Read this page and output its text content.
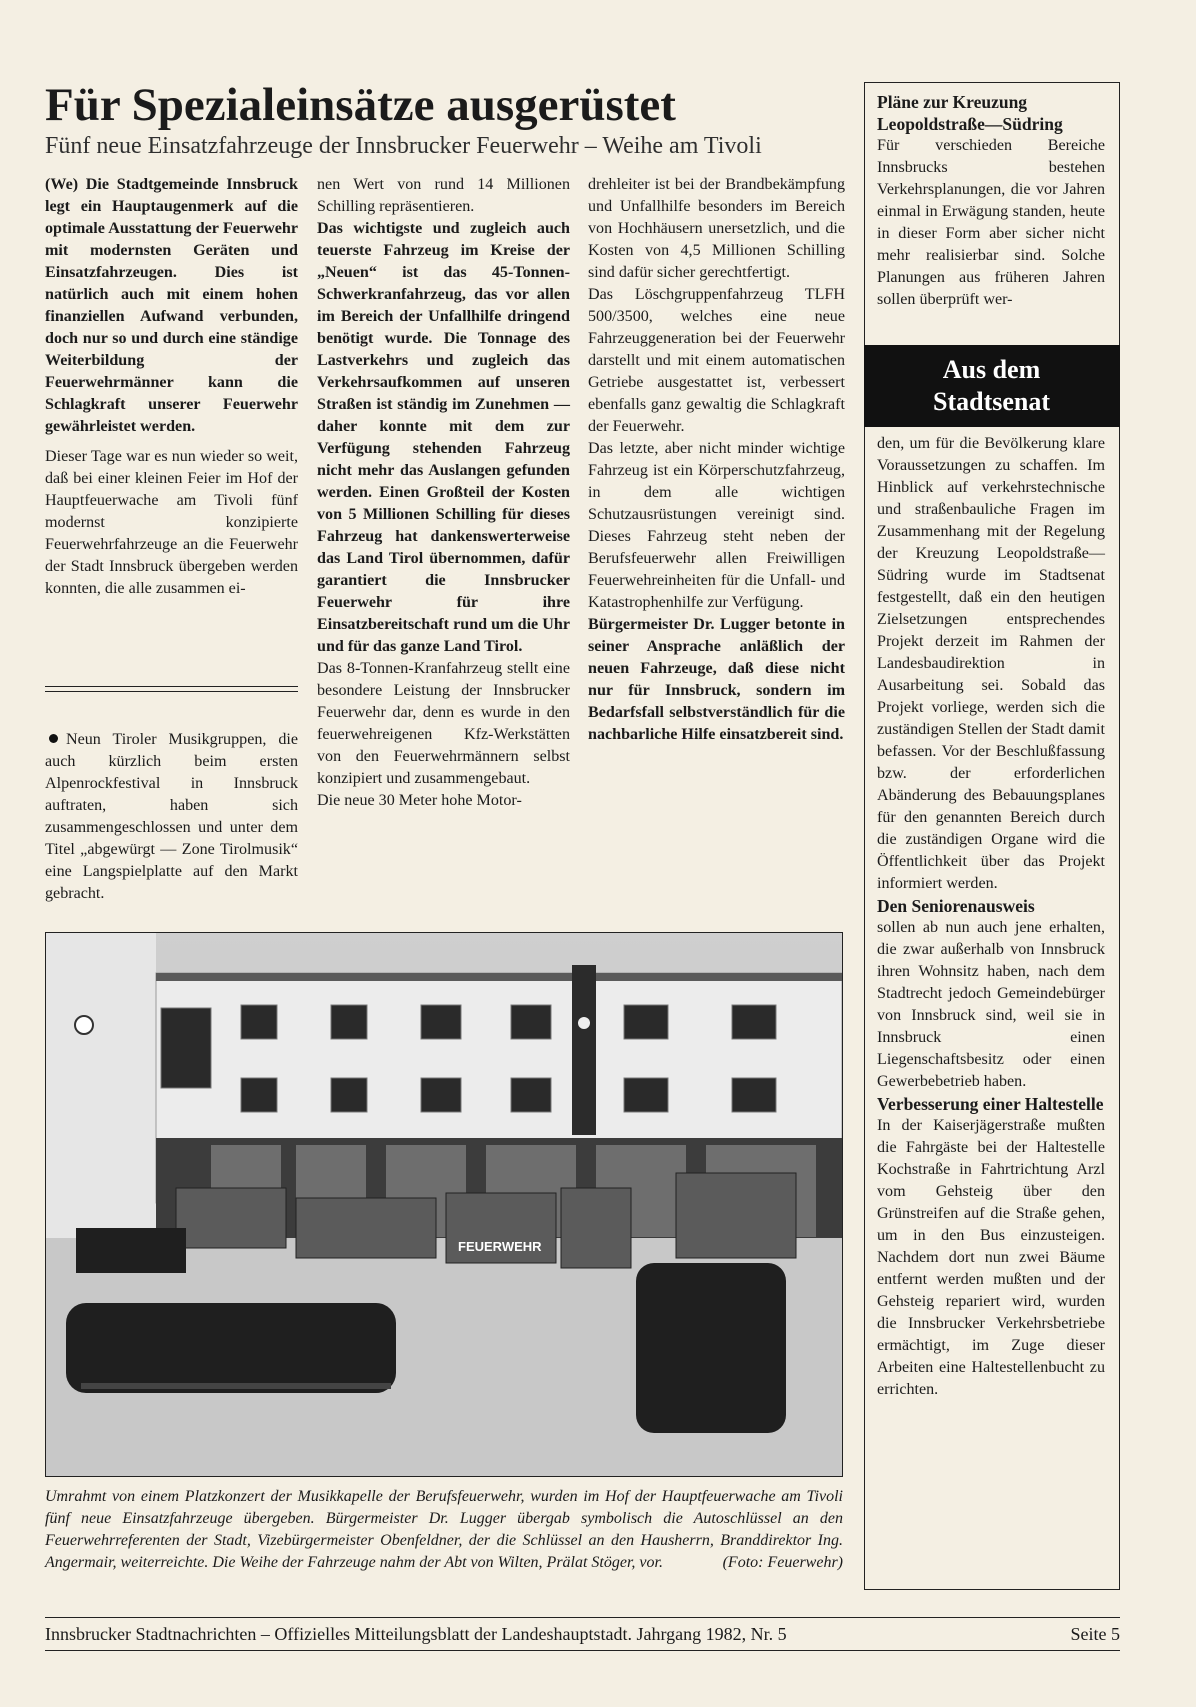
Für Spezialeinsätze ausgerüstet
Fünf neue Einsatzfahrzeuge der Innsbrucker Feuerwehr – Weihe am Tivoli

(We) Die Stadtgemeinde Innsbruck legt ein Hauptaugenmerk auf die optimale Ausstattung der Feuerwehr mit modernsten Geräten und Einsatzfahrzeugen. Dies ist natürlich auch mit einem hohen finanziellen Aufwand verbunden, doch nur so und durch eine ständige Weiterbildung der Feuerwehrmänner kann die Schlagkraft unserer Feuerwehr gewährleistet werden.

Dieser Tage war es nun wieder so weit, daß bei einer kleinen Feier im Hof der Hauptfeuerwache am Tivoli fünf modernst konzipierte Feuerwehrfahrzeuge an die Feuerwehr der Stadt Innsbruck übergeben werden konnten, die alle zusammen ei-

Neun Tiroler Musikgruppen, die auch kürzlich beim ersten Alpenrockfestival in Innsbruck auftraten, haben sich zusammengeschlossen und unter dem Titel „abgewürgt — Zone Tirolmusik“ eine Langspielplatte auf den Markt gebracht.

nen Wert von rund 14 Millionen Schilling repräsentieren.

Das wichtigste und zugleich auch teuerste Fahrzeug im Kreise der „Neuen“ ist das 45-Tonnen-Schwerkranfahrzeug, das vor allen im Bereich der Unfallhilfe dringend benötigt wurde. Die Tonnage des Lastverkehrs und zugleich das Verkehrsaufkommen auf unseren Straßen ist ständig im Zunehmen — daher konnte mit dem zur Verfügung stehenden Fahrzeug nicht mehr das Auslangen gefunden werden. Einen Großteil der Kosten von 5 Millionen Schilling für dieses Fahrzeug hat dankenswerterweise das Land Tirol übernommen, dafür garantiert die Innsbrucker Feuerwehr für ihre Einsatzbereitschaft rund um die Uhr und für das ganze Land Tirol.

Das 8-Tonnen-Kranfahrzeug stellt eine besondere Leistung der Innsbrucker Feuerwehr dar, denn es wurde in den feuerwehreigenen Kfz-Werkstätten von den Feuerwehrmännern selbst konzipiert und zusammengebaut.

Die neue 30 Meter hohe Motor-

drehleiter ist bei der Brandbekämpfung und Unfallhilfe besonders im Bereich von Hochhäusern unersetzlich, und die Kosten von 4,5 Millionen Schilling sind dafür sicher gerechtfertigt.

Das Löschgruppenfahrzeug TLFH 500/3500, welches eine neue Fahrzeuggeneration bei der Feuerwehr darstellt und mit einem automatischen Getriebe ausgestattet ist, verbessert ebenfalls ganz gewaltig die Schlagkraft der Feuerwehr.

Das letzte, aber nicht minder wichtige Fahrzeug ist ein Körperschutzfahrzeug, in dem alle wichtigen Schutzausrüstungen vereinigt sind. Dieses Fahrzeug steht neben der Berufsfeuerwehr allen Freiwilligen Feuerwehreinheiten für die Unfall- und Katastrophenhilfe zur Verfügung.

Bürgermeister Dr. Lugger betonte in seiner Ansprache anläßlich der neuen Fahrzeuge, daß diese nicht nur für Innsbruck, sondern im Bedarfsfall selbstverständlich für die nachbarliche Hilfe einsatzbereit sind.

FEUERWEHR

Umrahmt von einem Platzkonzert der Musikkapelle der Berufsfeuerwehr, wurden im Hof der Hauptfeuerwache am Tivoli fünf neue Einsatzfahrzeuge übergeben. Bürgermeister Dr. Lugger übergab symbolisch die Autoschlüssel an den Feuerwehrreferenten der Stadt, Vizebürgermeister Obenfeldner, der die Schlüssel an den Hausherrn, Branddirektor Ing. Angermair, weiterreichte. Die Weihe der Fahrzeuge nahm der Abt von Wilten, Prälat Stöger, vor.	(Foto: Feuerwehr)

Pläne zur Kreuzung Leopoldstraße—Südring

Für verschieden Bereiche Innsbrucks bestehen Verkehrsplanungen, die vor Jahren einmal in Erwägung standen, heute in dieser Form aber sicher nicht mehr realisierbar sind. Solche Planungen aus früheren Jahren sollen überprüft wer-

Aus dem
Stadtsenat

den, um für die Bevölkerung klare Voraussetzungen zu schaffen. Im Hinblick auf verkehrstechnische und straßenbauliche Fragen im Zusammenhang mit der Regelung der Kreuzung Leopoldstraße—Südring wurde im Stadtsenat festgestellt, daß ein den heutigen Zielsetzungen entsprechendes Projekt derzeit im Rahmen der Landesbaudirektion in Ausarbeitung sei. Sobald das Projekt vorliege, werden sich die zuständigen Stellen der Stadt damit befassen. Vor der Beschlußfassung bzw. der erforderlichen Abänderung des Bebauungsplanes für den genannten Bereich durch die zuständigen Organe wird die Öffentlichkeit über das Projekt informiert werden.

Den Seniorenausweis

sollen ab nun auch jene erhalten, die zwar außerhalb von Innsbruck ihren Wohnsitz haben, nach dem Stadtrecht jedoch Gemeindebürger von Innsbruck sind, weil sie in Innsbruck einen Liegenschaftsbesitz oder einen Gewerbebetrieb haben.

Verbesserung einer Haltestelle

In der Kaiserjägerstraße mußten die Fahrgäste bei der Haltestelle Kochstraße in Fahrtrichtung Arzl vom Gehsteig über den Grünstreifen auf die Straße gehen, um in den Bus einzusteigen. Nachdem dort nun zwei Bäume entfernt werden mußten und der Gehsteig repariert wird, wurden die Innsbrucker Verkehrsbetriebe ermächtigt, im Zuge dieser Arbeiten eine Haltestellenbucht zu errichten.

Innsbrucker Stadtnachrichten – Offizielles Mitteilungsblatt der Landeshauptstadt. Jahrgang 1982, Nr. 5	Seite 5
